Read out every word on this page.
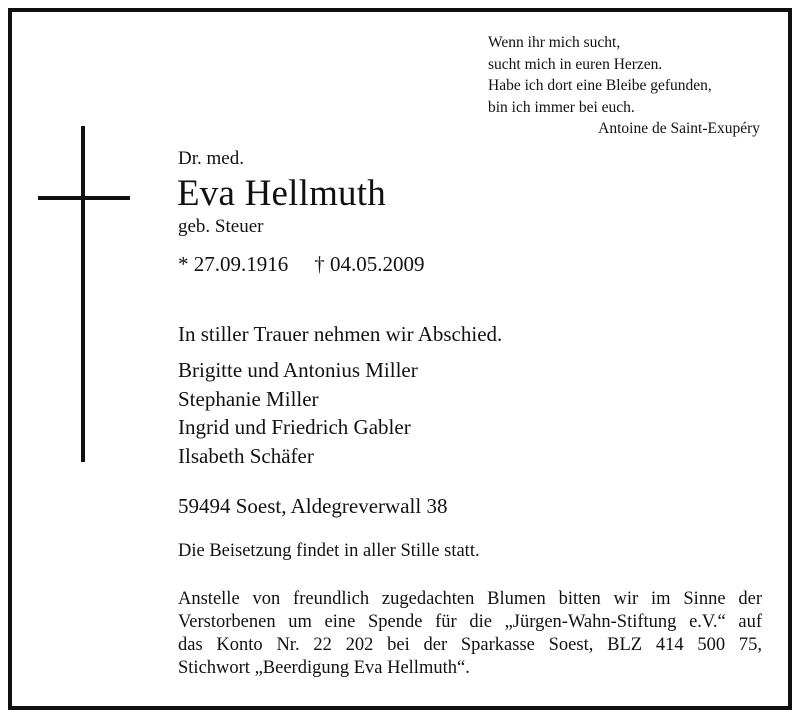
Wenn ihr mich sucht,
sucht mich in euren Herzen.
Habe ich dort eine Bleibe gefunden,
bin ich immer bei euch.
Antoine de Saint-Exupéry
Dr. med.
Eva Hellmuth
geb. Steuer
* 27.09.1916 † 04.05.2009
In stiller Trauer nehmen wir Abschied.
Brigitte und Antonius Miller
Stephanie Miller
Ingrid und Friedrich Gabler
Ilsabeth Schäfer
59494 Soest, Aldegreverwall 38
Die Beisetzung findet in aller Stille statt.
Anstelle von freundlich zugedachten Blumen bitten wir im Sinne der
Verstorbenen um eine Spende für die „Jürgen-Wahn-Stiftung e.V.“ auf
das Konto Nr. 22 202 bei der Sparkasse Soest, BLZ 414 500 75,
Stichwort „Beerdigung Eva Hellmuth“.
